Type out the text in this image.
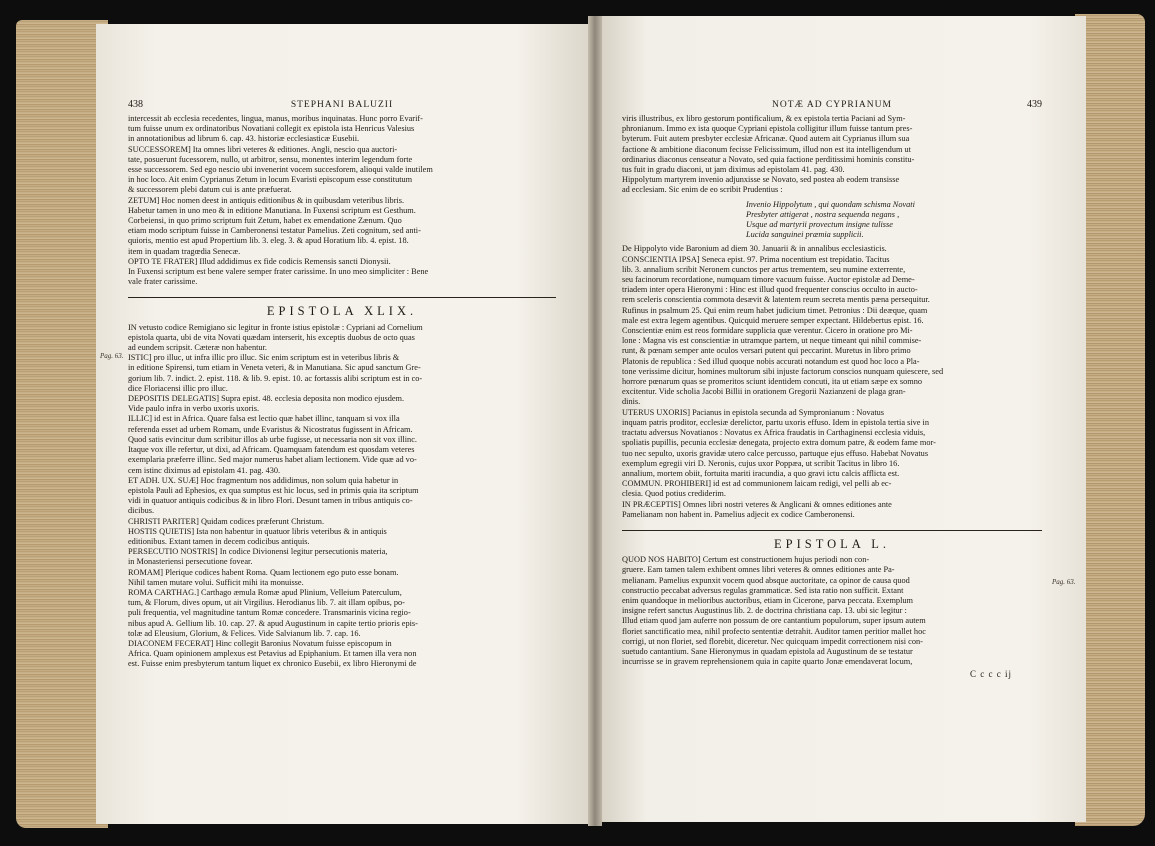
438	STEPHANI BALUZII
intercessit ab ecclesia recedentes, lingua, manus, moribus inquinatas. Hunc porro Evarif-
tum fuisse unum ex ordinatoribus Novatiani collegit ex epistola ista Henricus Valesius
in annotationibus ad librum 6. cap. 43. historiæ ecclesiasticæ Eusebii.
SUCCESSOREM] Ita omnes libri veteres & editiones. Angli, nescio qua auctori-
tate, posuerunt fucessorem, nullo, ut arbitror, sensu, monentes interim legendum forte
esse successorem. Sed ego nescio ubi invenerint vocem succesforem, alioqui valde inutilem
in hoc loco. Ait enim Cyprianus Zetum in locum Evaristi episcopum esse constitutum
& successorem plebi datum cui is ante præfuerat.
ZETUM] Hoc nomen deest in antiquis editionibus & in quibusdam veteribus libris.
Habetur tamen in uno meo & in editione Manutiana. In Fuxensi scriptum est Gesthum.
Corbeiensi, in quo primo scriptum fuit Zetum, habet ex emendatione Zænum. Quo
etiam modo scriptum fuisse in Camberonensi testatur Pamelius. Zeti cognitum, sed anti-
quioris, mentio est apud Propertium lib. 3. eleg. 3. & apud Horatium lib. 4. epist. 18.
item in quadam tragœdia Senecæ.
OPTO TE FRATER] Illud addidimus ex fide codicis Remensis sancti Dionysii.
In Fuxensi scriptum est bene valere semper frater carissime. In uno meo simpliciter : Bene
vale frater carissime.
EPISTOLA XLIX.
IN vetusto codice Remigiano sic legitur in fronte istius epistolæ : Cypriani ad Cornelium
epistola quarta, ubi de vita Novati quædam interserit, his exceptis duobus de octo quas
ad eundem scripsit. Cæteræ non habentur.
ISTIC] pro illuc, ut infra illic pro illuc. Sic enim scriptum est in veteribus libris &
in editione Spirensi, tum etiam in Veneta veteri, & in Manutiana. Sic apud sanctum Gre-
gorium lib. 7. indict. 2. epist. 118. & lib. 9. epist. 10. ac fortassis alibi scriptum est in co-
dice Floriacensi illic pro illuc.
DEPOSITIS DELEGATIS] Supra epist. 48. ecclesia deposita non modico ejusdem.
Vide paulo infra in verbo uxoris uxoris.
ILLIC] id est in Africa. Quare falsa est lectio quæ habet illinc, tanquam si vox illa
referenda esset ad urbem Romam, unde Evaristus & Nicostratus fugissent in Africam.
Quod satis evincitur dum scribitur illos ab urbe fugisse, ut necessaria non sit vox illinc.
Itaque vox ille refertur, ut dixi, ad Africam. Quamquam fatendum est quosdam veteres
exemplaria præferre illinc. Sed major numerus habet aliam lectionem. Vide quæ ad vo-
cem istinc diximus ad epistolam 41. pag. 430.
ET ADH. UX. SUÆ] Hoc fragmentum nos addidimus, non solum quia habetur in
epistola Pauli ad Ephesios, ex qua sumptus est hic locus, sed in primis quia ita scriptum
vidi in quatuor antiquis codicibus & in libro Flori. Desunt tamen in tribus antiquis co-
dicibus.
CHRISTI PARITER] Quidam codices præferunt Christum.
HOSTIS QUIETIS] Ista non habentur in quatuor libris veteribus & in antiquis
editionibus. Extant tamen in decem codicibus antiquis.
PERSECUTIO NOSTRIS] In codice Divionensi legitur persecutionis materia,
in Monasteriensi persecutione fovear.
ROMAM] Plerique codices habent Roma. Quam lectionem ego puto esse bonam.
Nihil tamen mutare volui. Sufficit mihi ita monuisse.
ROMA CARTHAG.] Carthago æmula Romæ apud Plinium, Velleium Paterculum,
tum, & Florum, dives opum, ut ait Virgilius. Herodianus lib. 7. ait illam opibus, po-
puli frequentia, vel magnitudine tantum Romæ concedere. Transmarinis vicina regio-
nibus apud A. Gellium lib. 10. cap. 27. & apud Augustinum in capite tertio prioris epis-
tolæ ad Eleusium, Glorium, & Felices. Vide Salvianum lib. 7. cap. 16.
DIACONEM FECERAT] Hinc collegit Baronius Novatum fuisse episcopum in
Africa. Quam opinionem amplexus est Petavius ad Epiphanium. Et tamen illa vera non
est. Fuisse enim presbyterum tantum liquet ex chronico Eusebii, ex libro Hieronymi de
Pag. 63.
NOTÆ AD CYPRIANUM	439
viris illustribus, ex libro gestorum pontificalium, & ex epistola tertia Paciani ad Sym-
phronianum. Immo ex ista quoque Cypriani epistola colligitur illum fuisse tantum pres-
byterum. Fuit autem presbyter ecclesiæ Africanæ. Quod autem ait Cyprianus illum sua
factione & ambitione diaconum fecisse Felicissimum, illud non est ita intelligendum ut
ordinarius diaconus censeatur a Novato, sed quia factione perditissimi hominis constitu-
tus fuit in gradu diaconi, ut jam diximus ad epistolam 41. pag. 430.
Hippolytum martyrem invenio adjunxisse se Novato, sed postea ab eodem transisse
ad ecclesiam. Sic enim de eo scribit Prudentius :
Invenio Hippolytum , qui quondam schisma Novati
Presbyter attigerat , nostra sequenda negans ,
Usque ad martyrii provectum insigne tulisse
Lucida sanguinei præmia supplicii.
De Hippolyto vide Baronium ad diem 30. Januarii & in annalibus ecclesiasticis.
CONSCIENTIA IPSA] Seneca epist. 97. Prima nocentium est trepidatio. Tacitus
lib. 3. annalium scribit Neronem cunctos per artus trementem, seu numine exterrente,
seu facinorum recordatione, numquam timore vacuum fuisse. Auctor epistolæ ad Deme-
triadem inter opera Hieronymi : Hinc est illud quod frequenter conscius occulto in aucto-
rem sceleris conscientia commota desævit & latentem reum secreta mentis pæna persequitur.
Rufinus in psalmum 25. Qui enim reum habet judicium timet. Petronius : Dii deæque, quam
male est extra legem agentibus. Quicquid meruere semper expectant. Hildebertus epist. 16.
Conscientiæ enim est reos formidare supplicia quæ verentur. Cicero in oratione pro Mi-
lone : Magna vis est conscientiæ in utramque partem, ut neque timeant qui nihil commise-
runt, & pœnam semper ante oculos versari putent qui peccarint. Muretus in libro primo
Platonis de republica : Sed illud quoque nobis accurati notandum est quod hoc loco a Pla-
tone verissime dicitur, homines multorum sibi injuste factorum conscios nunquam quiescere, sed
horrore pœnarum quas se promeritos sciunt identidem concuti, ita ut etiam sæpe ex somno
excitentur. Vide scholia Jacobi Billii in orationem Gregorii Nazianzeni de plaga gran-
dinis.
UTERUS UXORIS] Pacianus in epistola secunda ad Sympronianum : Novatus
inquam patris proditor, ecclesiæ derelictor, partu uxoris effuso. Idem in epistola tertia sive in
tractatu adversus Novatianos : Novatus ex Africa fraudatis in Carthaginensi ecclesia viduis,
spoliatis pupillis, pecunia ecclesiæ denegata, projecto extra domum patre, & eodem fame mor-
tuo nec sepulto, uxoris gravidæ utero calce percusso, partuque ejus effuso. Habebat Novatus
exemplum egregii viri D. Neronis, cujus uxor Poppæa, ut scribit Tacitus in libro 16.
annalium, mortem obiit, fortuita mariti iracundia, a quo gravi ictu calcis afflicta est.
COMMUN. PROHIBERI] id est ad communionem laicam redigi, vel pelli ab ec-
clesia. Quod potius crediderim.
IN PRÆCEPTIS] Omnes libri nostri veteres & Anglicani & omnes editiones ante
Pamelianam non habent in. Pamelius adjecit ex codice Camberonensi.
EPISTOLA L.
QUOD NOS HABITO] Certum est constructionem hujus periodi non con-
gruere. Eam tamen talem exhibent omnes libri veteres & omnes editiones ante Pa-
melianam. Pamelius expunxit vocem quod absque auctoritate, ca opinor de causa quod
constructio peccabat adversus regulas grammaticæ. Sed ista ratio non sufficit. Extant
enim quandoque in melioribus auctoribus, etiam in Cicerone, parva peccata. Exemplum
insigne refert sanctus Augustinus lib. 2. de doctrina christiana cap. 13. ubi sic legitur :
Illud etiam quod jam auferre non possum de ore cantantium populorum, super ipsum autem
floriet sanctificatio mea, nihil profecto sententiæ detrahit. Auditor tamen peritior mallet hoc
corrigi, ut non floriet, sed florebit, diceretur. Nec quicquam impedit correctionem nisi con-
suetudo cantantium. Sane Hieronymus in quadam epistola ad Augustinum de se testatur
incurrisse se in gravem reprehensionem quia in capite quarto Jonæ emendaverat locum,
C c c c ij
Pag. 63.
